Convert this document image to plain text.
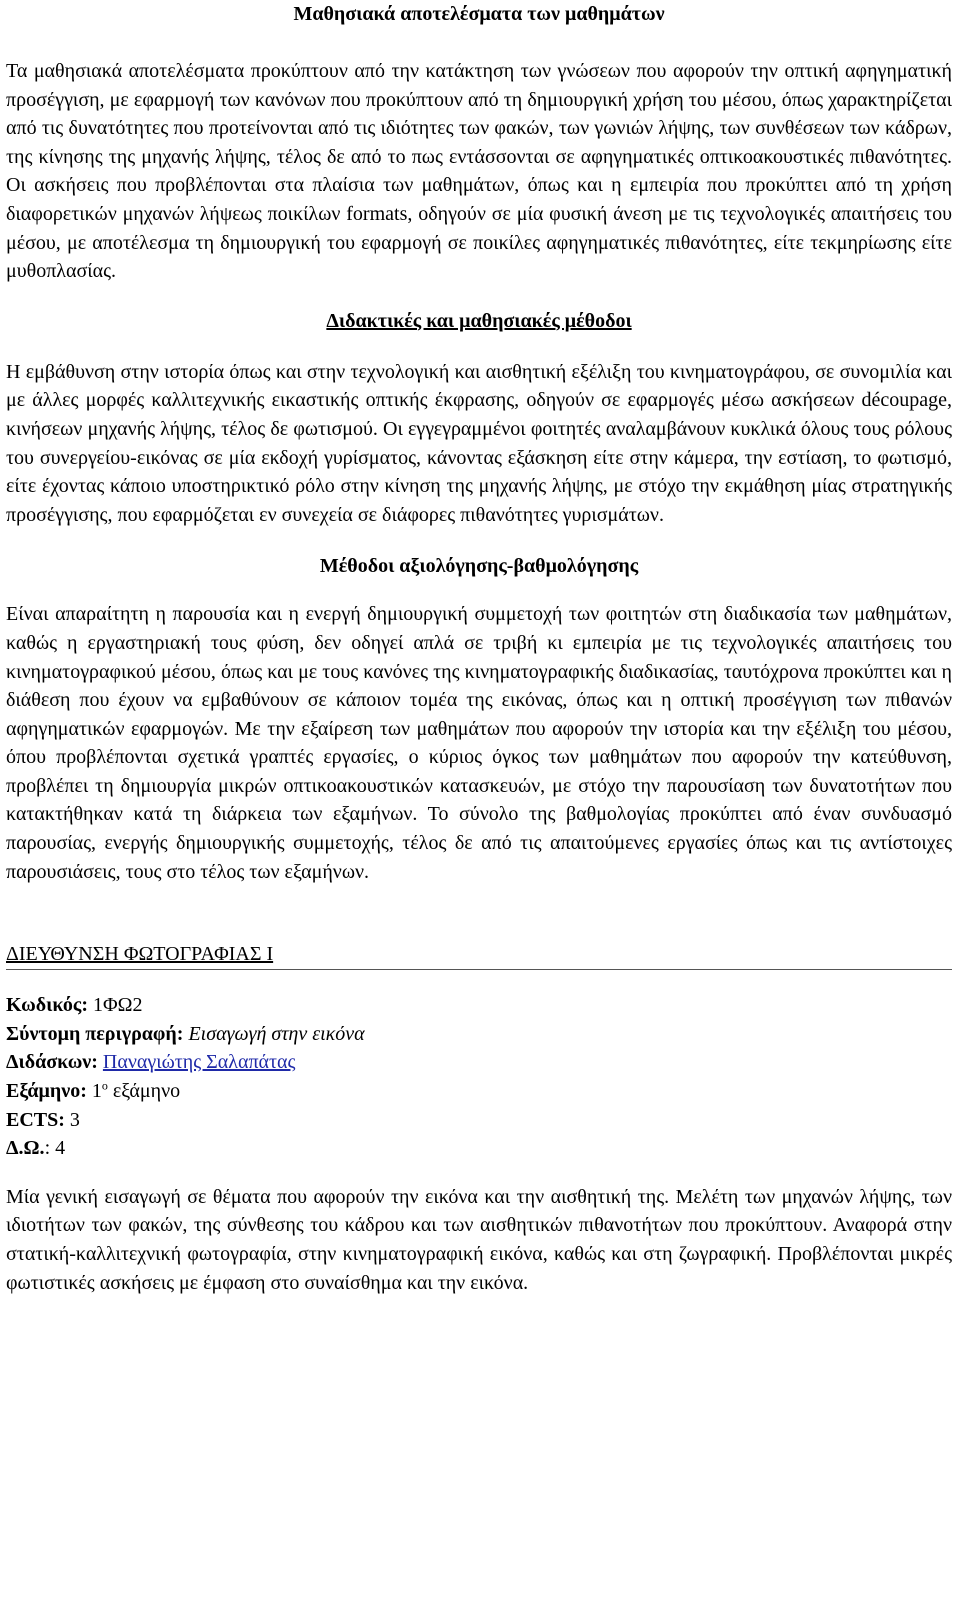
Μαθησιακά αποτελέσματα των μαθημάτων

Τα μαθησιακά αποτελέσματα προκύπτουν από την κατάκτηση των γνώσεων που αφορούν την οπτική αφηγηματική προσέγγιση, με εφαρμογή των κανόνων που προκύπτουν από τη δημιουργική χρήση του μέσου, όπως χαρακτηρίζεται από τις δυνατότητες που προτείνονται από τις ιδιότητες των φακών, των γωνιών λήψης, των συνθέσεων των κάδρων, της κίνησης της μηχανής λήψης, τέλος δε από το πως εντάσσονται σε αφηγηματικές οπτικοακουστικές πιθανότητες. Οι ασκήσεις που προβλέπονται στα πλαίσια των μαθημάτων, όπως και η εμπειρία που προκύπτει από τη χρήση διαφορετικών μηχανών λήψεως ποικίλων formats, οδηγούν σε μία φυσική άνεση με τις τεχνολογικές απαιτήσεις του μέσου, με αποτέλεσμα τη δημιουργική του εφαρμογή σε ποικίλες αφηγηματικές πιθανότητες, είτε τεκμηρίωσης είτε μυθοπλασίας.

Διδακτικές και μαθησιακές μέθοδοι

Η εμβάθυνση στην ιστορία όπως και στην τεχνολογική και αισθητική εξέλιξη του κινηματογράφου, σε συνομιλία και με άλλες μορφές καλλιτεχνικής εικαστικής οπτικής έκφρασης, οδηγούν σε εφαρμογές μέσω ασκήσεων découpage, κινήσεων μηχανής λήψης, τέλος δε φωτισμού. Οι εγγεγραμμένοι φοιτητές αναλαμβάνουν κυκλικά όλους τους ρόλους του συνεργείου-εικόνας σε μία εκδοχή γυρίσματος, κάνοντας εξάσκηση είτε στην κάμερα, την εστίαση, το φωτισμό, είτε έχοντας κάποιο υποστηρικτικό ρόλο στην κίνηση της μηχανής λήψης, με στόχο την εκμάθηση μίας στρατηγικής προσέγγισης, που εφαρμόζεται εν συνεχεία σε διάφορες πιθανότητες γυρισμάτων.

Μέθοδοι αξιολόγησης-βαθμολόγησης

Είναι απαραίτητη η παρουσία και η ενεργή δημιουργική συμμετοχή των φοιτητών στη διαδικασία των μαθημάτων, καθώς η εργαστηριακή τους φύση, δεν οδηγεί απλά σε τριβή κι εμπειρία με τις τεχνολογικές απαιτήσεις του κινηματογραφικού μέσου, όπως και με τους κανόνες της κινηματογραφικής διαδικασίας, ταυτόχρονα προκύπτει και η διάθεση που έχουν να εμβαθύνουν σε κάποιον τομέα της εικόνας, όπως και η οπτική προσέγγιση των πιθανών αφηγηματικών εφαρμογών. Με την εξαίρεση των μαθημάτων που αφορούν την ιστορία και την εξέλιξη του μέσου, όπου προβλέπονται σχετικά γραπτές εργασίες, ο κύριος όγκος των μαθημάτων που αφορούν την κατεύθυνση, προβλέπει τη δημιουργία μικρών οπτικοακουστικών κατασκευών, με στόχο την παρουσίαση των δυνατοτήτων που κατακτήθηκαν κατά τη διάρκεια των εξαμήνων. Το σύνολο της βαθμολογίας προκύπτει από έναν συνδυασμό παρουσίας, ενεργής δημιουργικής συμμετοχής, τέλος δε από τις απαιτούμενες εργασίες όπως και τις αντίστοιχες παρουσιάσεις, τους στο τέλος των εξαμήνων.

ΔΙΕΥΘΥΝΣΗ ΦΩΤΟΓΡΑΦΙΑΣ Ι
Κωδικός: 1ΦΩ2
Σύντομη περιγραφή: Εισαγωγή στην εικόνα
Διδάσκων: Παναγιώτης Σαλαπάτας
Εξάμηνο: $1^o$ εξάμηνο
ECTS: 3
Δ.Ω.: 4

Μία γενική εισαγωγή σε θέματα που αφορούν την εικόνα και την αισθητική της. Μελέτη των μηχανών λήψης, των ιδιοτήτων των φακών, της σύνθεσης του κάδρου και των αισθητικών πιθανοτήτων που προκύπτουν. Αναφορά στην στατική-καλλιτεχνική φωτογραφία, στην κινηματογραφική εικόνα, καθώς και στη ζωγραφική. Προβλέπονται μικρές φωτιστικές ασκήσεις με έμφαση στο συναίσθημα και την εικόνα.
